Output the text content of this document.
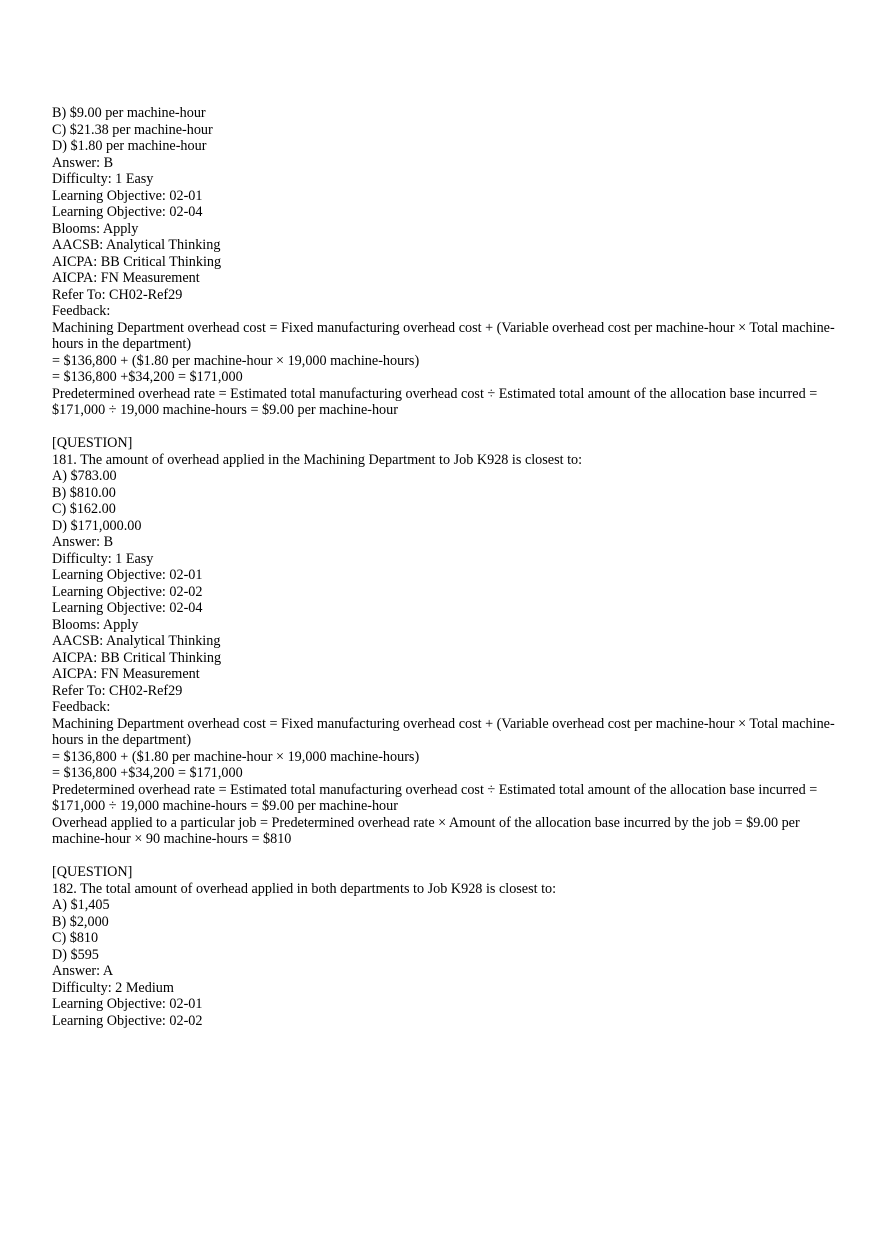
B) $9.00 per machine-hour
C) $21.38 per machine-hour
D) $1.80 per machine-hour
Answer: B
Difficulty: 1 Easy
Learning Objective: 02-01
Learning Objective: 02-04
Blooms: Apply
AACSB: Analytical Thinking
AICPA: BB Critical Thinking
AICPA: FN Measurement
Refer To: CH02-Ref29
Feedback:
Machining Department overhead cost = Fixed manufacturing overhead cost + (Variable overhead cost per machine-hour × Total machine-hours in the department)
= $136,800 + ($1.80 per machine-hour × 19,000 machine-hours)
= $136,800 +$34,200 = $171,000
Predetermined overhead rate = Estimated total manufacturing overhead cost ÷ Estimated total amount of the allocation base incurred = $171,000 ÷ 19,000 machine-hours = $9.00 per machine-hour
[QUESTION]
181. The amount of overhead applied in the Machining Department to Job K928 is closest to:
A) $783.00
B) $810.00
C) $162.00
D) $171,000.00
Answer: B
Difficulty: 1 Easy
Learning Objective: 02-01
Learning Objective: 02-02
Learning Objective: 02-04
Blooms: Apply
AACSB: Analytical Thinking
AICPA: BB Critical Thinking
AICPA: FN Measurement
Refer To: CH02-Ref29
Feedback:
Machining Department overhead cost = Fixed manufacturing overhead cost + (Variable overhead cost per machine-hour × Total machine-hours in the department)
= $136,800 + ($1.80 per machine-hour × 19,000 machine-hours)
= $136,800 +$34,200 = $171,000
Predetermined overhead rate = Estimated total manufacturing overhead cost ÷ Estimated total amount of the allocation base incurred = $171,000 ÷ 19,000 machine-hours = $9.00 per machine-hour
Overhead applied to a particular job = Predetermined overhead rate × Amount of the allocation base incurred by the job = $9.00 per machine-hour × 90 machine-hours = $810
[QUESTION]
182. The total amount of overhead applied in both departments to Job K928 is closest to:
A) $1,405
B) $2,000
C) $810
D) $595
Answer: A
Difficulty: 2 Medium
Learning Objective: 02-01
Learning Objective: 02-02
